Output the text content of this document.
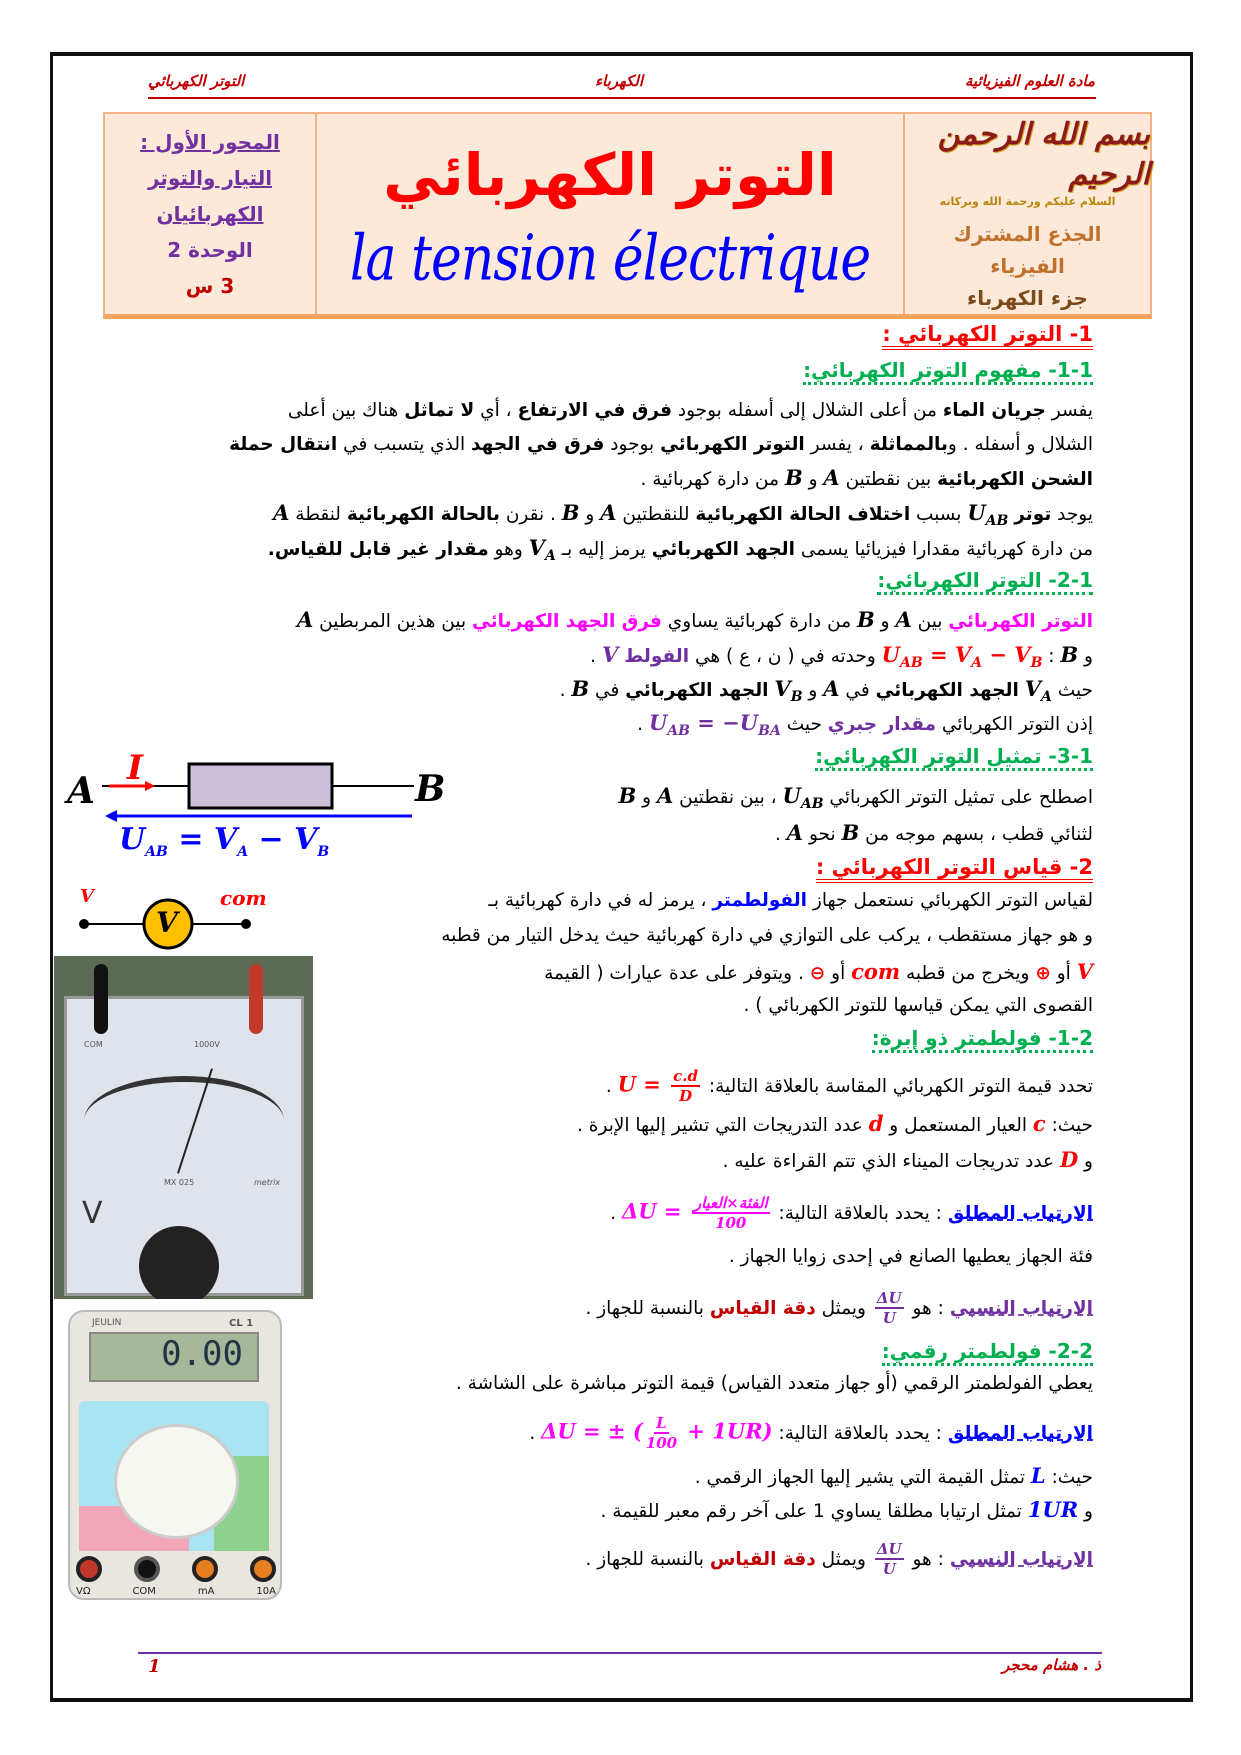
مادة العلوم الفيزيائية
الكهرباء
التوتر الكهربائي
المحور الأول :
التيار والتوتر
الكهربائيان
الوحدة 2
3 س
التوتر الكهربائي
la tension électrique
بسم الله الرحمن الرحيم
السلام عليكم ورحمة الله وبركاته
الجذع المشترك
الفيزياء
جزء الكهرباء
1- التوتر الكهربائي :
1-1- مفهوم التوتر الكهربائي:
يفسر جريان الماء من أعلى الشلال إلى أسفله بوجود فرق في الارتفاع ، أي لا تماثل هناك بين أعلى
الشلال و أسفله . وبالمماثلة ، يفسر التوتر الكهربائي بوجود فرق في الجهد الذي يتسبب في انتقال حملة
الشحن الكهربائية بين نقطتين A و B من دارة كهربائية .
يوجد توتر $U_{AB}$ بسبب اختلاف الحالة الكهربائية للنقطتين A و B . نقرن بالحالة الكهربائية لنقطة A
من دارة كهربائية مقدارا فيزيائيا يسمى الجهد الكهربائي يرمز إليه بـ $V_A$ وهو مقدار غير قابل للقياس.
2-1- التوتر الكهربائي:
التوتر الكهربائي بين A و B من دارة كهربائية يساوي فرق الجهد الكهربائي بين هذين المربطين A
و B : $U_{AB} = V_A - V_B$ وحدته في ( ن ، ع ) هي الفولط V .
حيث $V_A$ الجهد الكهربائي في A و $V_B$ الجهد الكهربائي في B .
إذن التوتر الكهربائي مقدار جبري حيث $U_{AB} = -U_{BA}$ .
3-1- تمثيل التوتر الكهربائي:
اصطلح على تمثيل التوتر الكهربائي $U_{AB}$ ، بين نقطتين A و B
لثنائي قطب ، بسهم موجه من B نحو A .
2- قياس التوتر الكهربائي :
لقياس التوتر الكهربائي نستعمل جهاز الفولطمتر ، يرمز له في دارة كهربائية بـ
و هو جهاز مستقطب ، يركب على التوازي في دارة كهربائية حيث يدخل التيار من قطبه
V أو ⊕ ويخرج من قطبه com أو ⊖ . ويتوفر على عدة عيارات ( القيمة
القصوى التي يمكن قياسها للتوتر الكهربائي ) .
1-2- فولطمتر ذو إبرة:
تحدد قيمة التوتر الكهربائي المقاسة بالعلاقة التالية: $U = \frac{c.d}{D}$
.
حيث: c العيار المستعمل و d عدد التدريجات التي تشير إليها الإبرة .
و D عدد تدريجات الميناء الذي تتم القراءة عليه .
الارتياب المطلق : يحدد بالعلاقة التالية: $\Delta U = \frac{\text{الفئة×العيار}}{100}$
.
فئة الجهاز يعطيها الصانع في إحدى زوايا الجهاز .
الارتياب النسبي : هو
$\frac{\Delta U}{U}$
ويمثل دقة القياس بالنسبة للجهاز .
2-2- فولطمتر رقمي:
يعطي الفولطمتر الرقمي (أو جهاز متعدد القياس) قيمة التوتر مباشرة على الشاشة .
الارتياب المطلق : يحدد بالعلاقة التالية: ΔU = ± ( $\frac{L}{100} + 1UR$) .
حيث: L تمثل القيمة التي يشير إليها الجهاز الرقمي .
و 1UR تمثل ارتيابا مطلقا يساوي 1 على آخر رقم معبر للقيمة .
الارتياب النسبي : هو
$\frac{\Delta U}{U}$
ويمثل دقة القياس بالنسبة للجهاز .
A	B
I
$U_{AB} = V_A - V_B$
V
V
com
COM	1000V
MX 025	metrix
V
JEULIN	CL 1
0.00
VΩ	COM	mA	10A
ذ . هشام محجر
1
